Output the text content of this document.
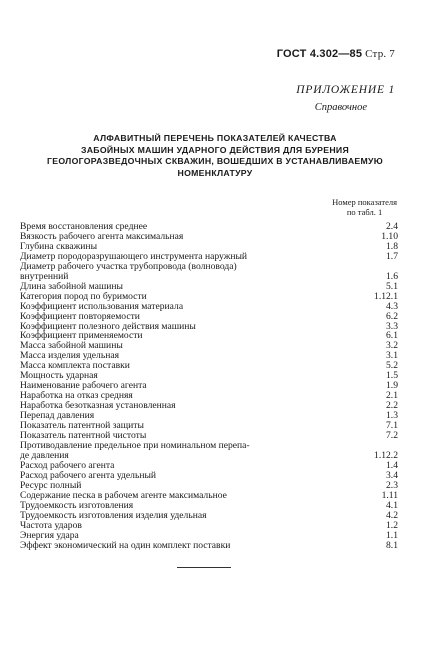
ГОСТ 4.302—85 Стр. 7
ПРИЛОЖЕНИЕ 1
Справочное
АЛФАВИТНЫЙ ПЕРЕЧЕНЬ ПОКАЗАТЕЛЕЙ КАЧЕСТВА
ЗАБОЙНЫХ МАШИН УДАРНОГО ДЕЙСТВИЯ ДЛЯ БУРЕНИЯ
ГЕОЛОГОРАЗВЕДОЧНЫХ СКВАЖИН, ВОШЕДШИХ В УСТАНАВЛИВАЕМУЮ
НОМЕНКЛАТУРУ
Номер показателя
по табл. 1
Время восстановления среднее	2.4
Вязкость рабочего агента максимальная	1.10
Глубина скважины	1.8
Диаметр породоразрушающего инструмента наружный	1.7
Диаметр рабочего участка трубопровода (волновода)
внутренний	1.6
Длина забойной машины	5.1
Категория пород по буримости	1.12.1
Коэффициент использования материала	4.3
Коэффициент повторяемости	6.2
Коэффициент полезного действия машины	3.3
Коэффициент применяемости	6.1
Масса забойной машины	3.2
Масса изделия удельная	3.1
Масса комплекта поставки	5.2
Мощность ударная	1.5
Наименование рабочего агента	1.9
Наработка на отказ средняя	2.1
Наработка безотказная установленная	2.2
Перепад давления	1.3
Показатель патентной защиты	7.1
Показатель патентной чистоты	7.2
Противодавление предельное при номинальном перепа-
де давления	1.12.2
Расход рабочего агента	1.4
Расход рабочего агента удельный	3.4
Ресурс полный	2.3
Содержание песка в рабочем агенте максимальное	1.11
Трудоемкость изготовления	4.1
Трудоемкость изготовления изделия удельная	4.2
Частота ударов	1.2
Энергия удара	1.1
Эффект экономический на один комплект поставки	8.1
